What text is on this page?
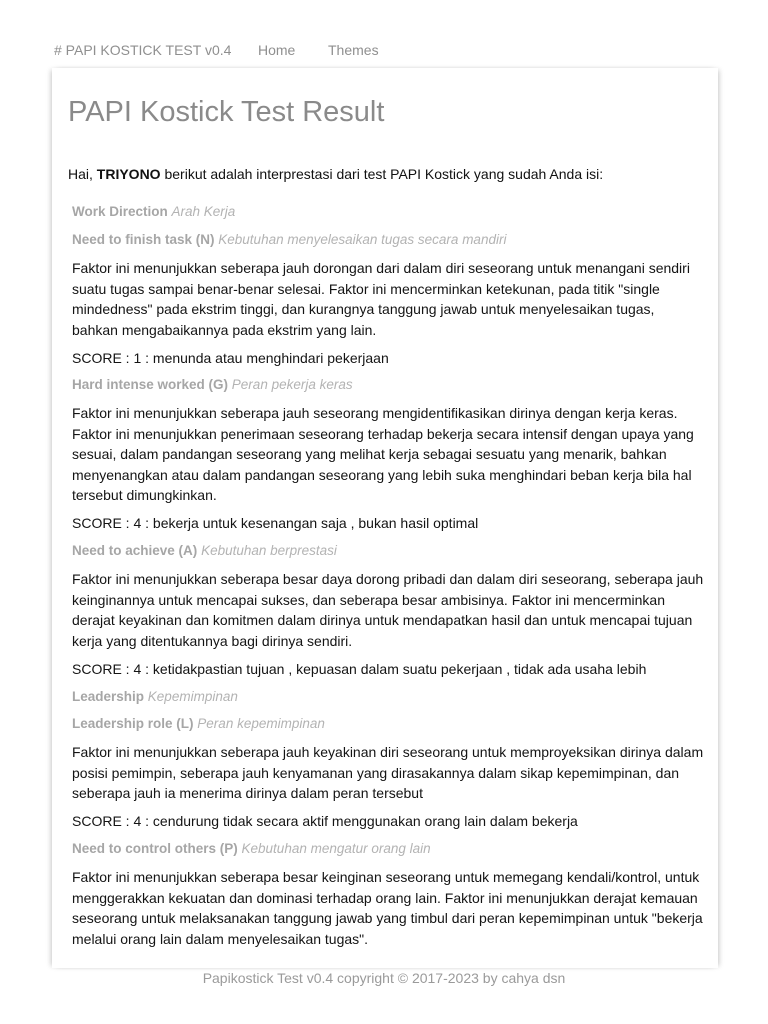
# PAPI KOSTICK TEST v0.4 Home Themes
PAPI Kostick Test Result

Hai, TRIYONO berikut adalah interprestasi dari test PAPI Kostick yang sudah Anda isi:

Work Direction Arah Kerja
Need to finish task (N) Kebutuhan menyelesaikan tugas secara mandiri

Faktor ini menunjukkan seberapa jauh dorongan dari dalam diri seseorang untuk menangani sendiri suatu tugas sampai benar-benar selesai. Faktor ini mencerminkan ketekunan, pada titik "single mindedness" pada ekstrim tinggi, dan kurangnya tanggung jawab untuk menyelesaikan tugas, bahkan mengabaikannya pada ekstrim yang lain.

SCORE : 1 : menunda atau menghindari pekerjaan

Hard intense worked (G) Peran pekerja keras

Faktor ini menunjukkan seberapa jauh seseorang mengidentifikasikan dirinya dengan kerja keras. Faktor ini menunjukkan penerimaan seseorang terhadap bekerja secara intensif dengan upaya yang sesuai, dalam pandangan seseorang yang melihat kerja sebagai sesuatu yang menarik, bahkan menyenangkan atau dalam pandangan seseorang yang lebih suka menghindari beban kerja bila hal tersebut dimungkinkan.

SCORE : 4 : bekerja untuk kesenangan saja , bukan hasil optimal

Need to achieve (A) Kebutuhan berprestasi

Faktor ini menunjukkan seberapa besar daya dorong pribadi dan dalam diri seseorang, seberapa jauh keinginannya untuk mencapai sukses, dan seberapa besar ambisinya. Faktor ini mencerminkan derajat keyakinan dan komitmen dalam dirinya untuk mendapatkan hasil dan untuk mencapai tujuan kerja yang ditentukannya bagi dirinya sendiri.

SCORE : 4 : ketidakpastian tujuan , kepuasan dalam suatu pekerjaan , tidak ada usaha lebih

Leadership Kepemimpinan
Leadership role (L) Peran kepemimpinan

Faktor ini menunjukkan seberapa jauh keyakinan diri seseorang untuk memproyeksikan dirinya dalam posisi pemimpin, seberapa jauh kenyamanan yang dirasakannya dalam sikap kepemimpinan, dan seberapa jauh ia menerima dirinya dalam peran tersebut

SCORE : 4 : cendurung tidak secara aktif menggunakan orang lain dalam bekerja

Need to control others (P) Kebutuhan mengatur orang lain

Faktor ini menunjukkan seberapa besar keinginan seseorang untuk memegang kendali/kontrol, untuk menggerakkan kekuatan dan dominasi terhadap orang lain. Faktor ini menunjukkan derajat kemauan seseorang untuk melaksanakan tanggung jawab yang timbul dari peran kepemimpinan untuk "bekerja melalui orang lain dalam menyelesaikan tugas".

Papikostick Test v0.4 copyright © 2017-2023 by cahya dsn
